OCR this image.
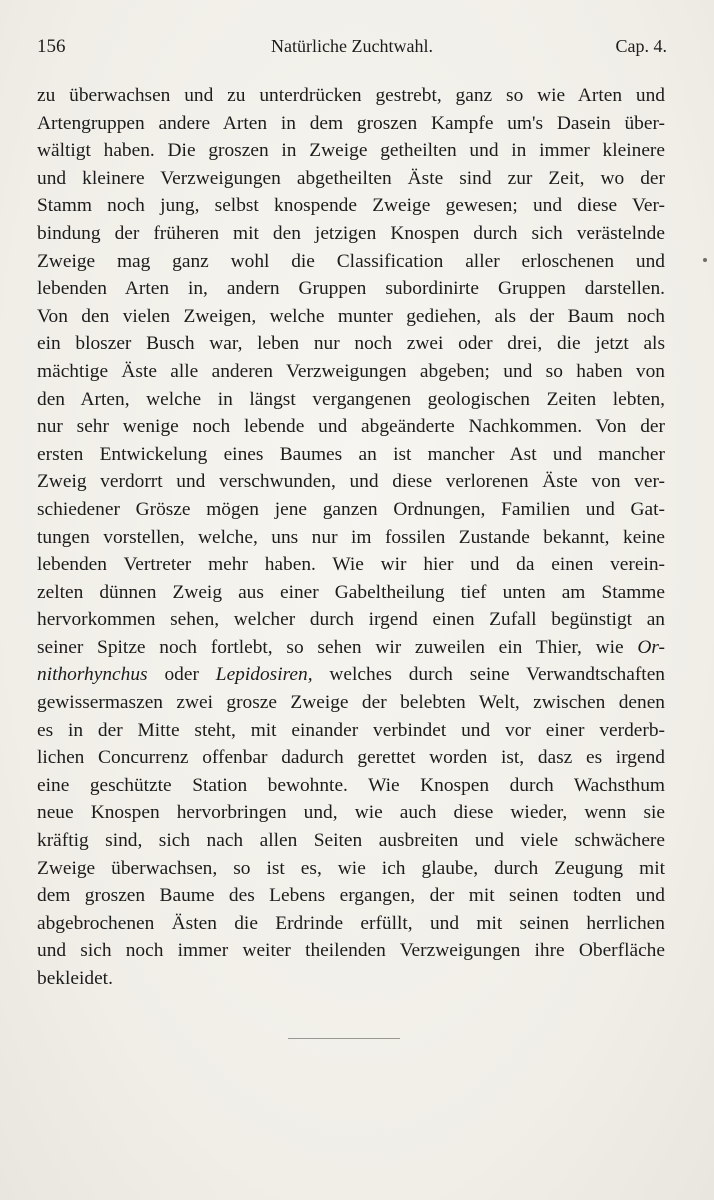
156	Natürliche Zuchtwahl.	Cap. 4.
zu überwachsen und zu unterdrücken gestrebt, ganz so wie Arten und
Artengruppen andere Arten in dem groszen Kampfe um's Dasein über-
wältigt haben. Die groszen in Zweige getheilten und in immer kleinere
und kleinere Verzweigungen abgetheilten Äste sind zur Zeit, wo der
Stamm noch jung, selbst knospende Zweige gewesen; und diese Ver-
bindung der früheren mit den jetzigen Knospen durch sich verästelnde
Zweige mag ganz wohl die Classification aller erloschenen und
lebenden Arten in, andern Gruppen subordinirte Gruppen darstellen.
Von den vielen Zweigen, welche munter gediehen, als der Baum noch
ein bloszer Busch war, leben nur noch zwei oder drei, die jetzt als
mächtige Äste alle anderen Verzweigungen abgeben; und so haben von
den Arten, welche in längst vergangenen geologischen Zeiten lebten,
nur sehr wenige noch lebende und abgeänderte Nachkommen. Von der
ersten Entwickelung eines Baumes an ist mancher Ast und mancher
Zweig verdorrt und verschwunden, und diese verlorenen Äste von ver-
schiedener Grösze mögen jene ganzen Ordnungen, Familien und Gat-
tungen vorstellen, welche, uns nur im fossilen Zustande bekannt, keine
lebenden Vertreter mehr haben. Wie wir hier und da einen verein-
zelten dünnen Zweig aus einer Gabeltheilung tief unten am Stamme
hervorkommen sehen, welcher durch irgend einen Zufall begünstigt an
seiner Spitze noch fortlebt, so sehen wir zuweilen ein Thier, wie Or-
nithorhynchus oder Lepidosiren, welches durch seine Verwandtschaften
gewissermaszen zwei grosze Zweige der belebten Welt, zwischen denen
es in der Mitte steht, mit einander verbindet und vor einer verderb-
lichen Concurrenz offenbar dadurch gerettet worden ist, dasz es irgend
eine geschützte Station bewohnte. Wie Knospen durch Wachsthum
neue Knospen hervorbringen und, wie auch diese wieder, wenn sie
kräftig sind, sich nach allen Seiten ausbreiten und viele schwächere
Zweige überwachsen, so ist es, wie ich glaube, durch Zeugung mit
dem groszen Baume des Lebens ergangen, der mit seinen todten und
abgebrochenen Ästen die Erdrinde erfüllt, und mit seinen herrlichen
und sich noch immer weiter theilenden Verzweigungen ihre Oberfläche
bekleidet.
